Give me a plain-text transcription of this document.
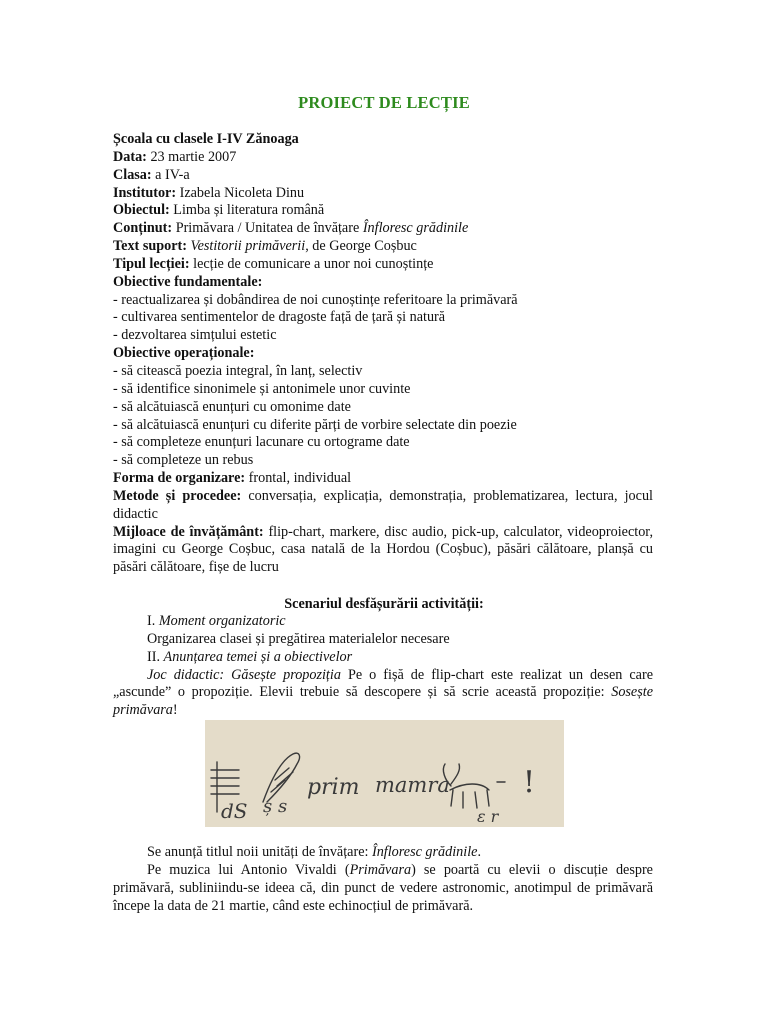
PROIECT DE LECȚIE
Școala cu clasele I-IV Zănoaga
Data: 23 martie 2007
Clasa: a IV-a
Institutor: Izabela Nicoleta Dinu
Obiectul: Limba și literatura română
Conținut: Primăvara / Unitatea de învățare Înfloresc grădinile
Text suport: Vestitorii primăverii, de George Coșbuc
Tipul lecției: lecție de comunicare a unor noi cunoștințe
Obiective fundamentale:
- reactualizarea și dobândirea de noi cunoștințe referitoare la primăvară
- cultivarea sentimentelor de dragoste față de țară și natură
- dezvoltarea simțului estetic
Obiective operaționale:
- să citească poezia integral, în lanț, selectiv
- să identifice sinonimele și antonimele unor cuvinte
- să alcătuiască enunțuri cu omonime date
- să alcătuiască enunțuri cu diferite părți de vorbire selectate din poezie
- să completeze enunțuri lacunare cu ortograme date
- să completeze un rebus
Forma de organizare: frontal, individual
Metode și procedee: conversația, explicația, demonstrația, problematizarea, lectura, jocul didactic
Mijloace de învățământ: flip-chart, markere, disc audio, pick-up, calculator, videoproiector, imagini cu George Coșbuc, casa natală de la Hordou (Coșbuc), păsări călătoare, planșă cu păsări călătoare, fișe de lucru
Scenariul desfășurării activității:
I. Moment organizatoric
Organizarea clasei și pregătirea materialelor necesare
II. Anunțarea temei și a obiectivelor
Joc didactic: Găsește propoziția Pe o fișă de flip-chart este realizat un desen care „ascunde” o propoziție. Elevii trebuie să descopere și să scrie această propoziție: Sosește primăvara!
dS ș s
prim mamra
ε r
!
Se anunță titlul noii unități de învățare: Înfloresc grădinile.
Pe muzica lui Antonio Vivaldi (Primăvara) se poartă cu elevii o discuție despre primăvară, subliniindu-se ideea că, din punct de vedere astronomic, anotimpul de primăvară începe la data de 21 martie, când este echinocțiul de primăvară.
